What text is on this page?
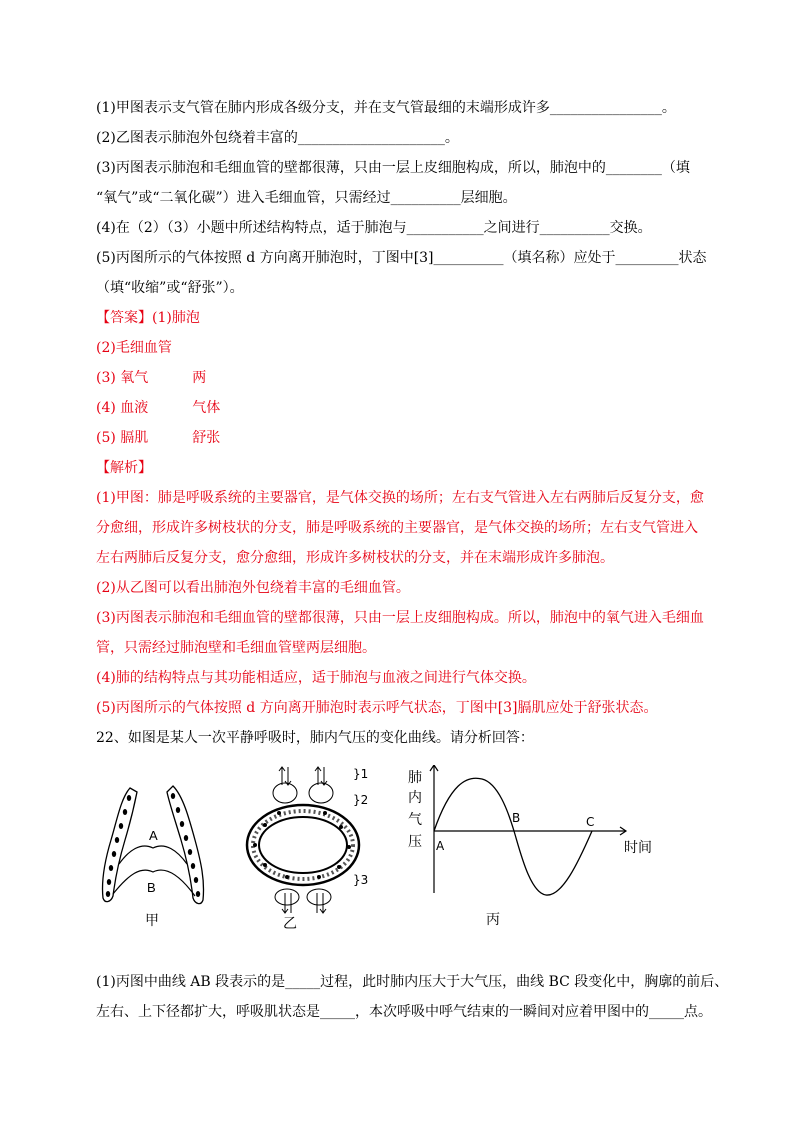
(1)甲图表示支气管在肺内形成各级分支，并在支气管最细的末端形成许多________________。
(2)乙图表示肺泡外包绕着丰富的_____________________。
(3)丙图表示肺泡和毛细血管的壁都很薄，只由一层上皮细胞构成，所以，肺泡中的________（填
“氧气”或“二氧化碳”）进入毛细血管，只需经过__________层细胞。
(4)在（2）（3）小题中所述结构特点，适于肺泡与___________之间进行__________交换。
(5)丙图所示的气体按照 d 方向离开肺泡时，丁图中[3]__________（填名称）应处于_________状态
（填“收缩”或“舒张”）。
【答案】(1)肺泡
(2)毛细血管
(3) 氧气	两
(4) 血液	气体
(5) 膈肌	舒张
【解析】
(1)甲图：肺是呼吸系统的主要器官，是气体交换的场所；左右支气管进入左右两肺后反复分支，愈
分愈细，形成许多树枝状的分支，肺是呼吸系统的主要器官，是气体交换的场所；左右支气管进入
左右两肺后反复分支，愈分愈细，形成许多树枝状的分支，并在末端形成许多肺泡。
(2)从乙图可以看出肺泡外包绕着丰富的毛细血管。
(3)丙图表示肺泡和毛细血管的壁都很薄，只由一层上皮细胞构成。所以，肺泡中的氧气进入毛细血
管，只需经过肺泡壁和毛细血管壁两层细胞。
(4)肺的结构特点与其功能相适应，适于肺泡与血液之间进行气体交换。
(5)丙图所示的气体按照 d 方向离开肺泡时表示呼气状态，丁图中[3]膈肌应处于舒张状态。
22、如图是某人一次平静呼吸时，肺内气压的变化曲线。请分析回答：
A
B
甲
}1
}2
}3
乙
肺
内
气
压 A
B	C
时间
丙
(1)丙图中曲线 AB 段表示的是_____过程，此时肺内压大于大气压，曲线 BC 段变化中，胸廓的前后、
左右、上下径都扩大，呼吸肌状态是_____，本次呼吸中呼气结束的一瞬间对应着甲图中的_____点。
